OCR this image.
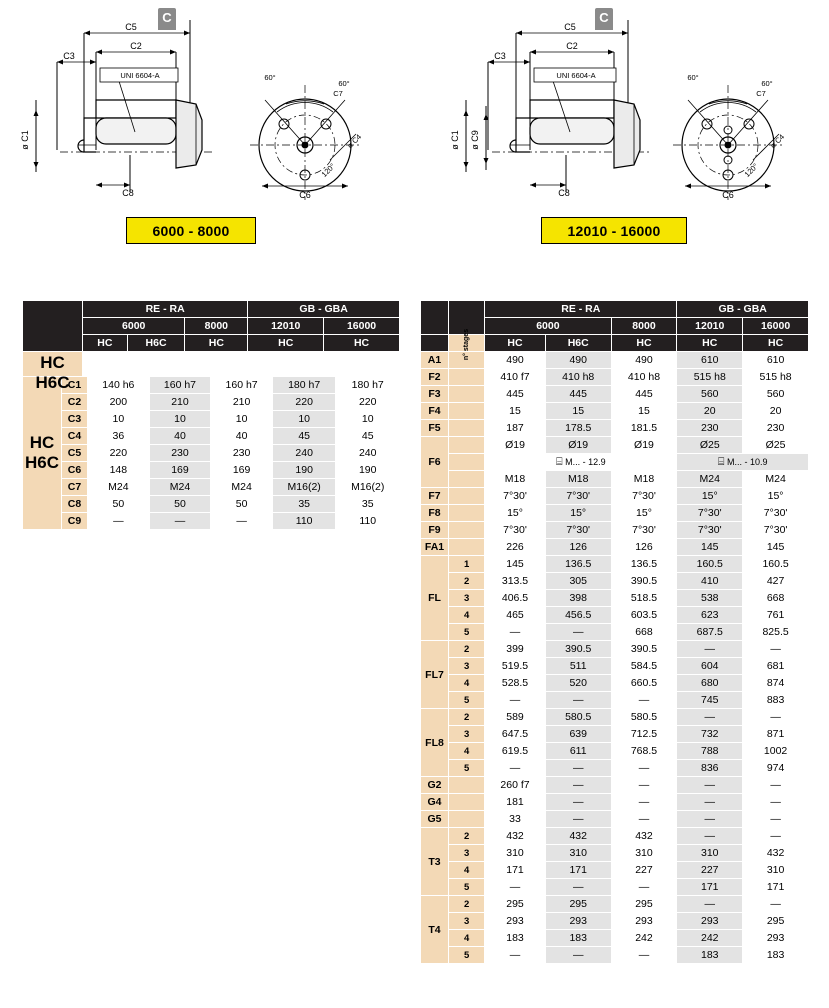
C
C5
C2
C3
ø C1
C8
UNI 6604-A	60°
60°
C7
ø C4
120°
C6
6000 - 8000
C
C5
C2
C3
ø C1 ø C9
C8
UNI 6604-A	60°
60°
C7
ø C4
120°
C6
12010 - 16000
	RE - RA			GB - GBA	
	6000		8000	12010	16000
	HC	H6C	HC	HC	HC

HC
H6C					
HC
H6C	C1	140 h6	160 h7	160 h7	180 h7	180 h7
	C2	200	210	210	220	220
	C3	10	10	10	10	10
	C4	36	40	40	45	45
	C5	220	230	230	240	240
	C6	148	169	169	190	190
	C7	M24	M24	M24	M16(2)	M16(2)
	C8	50	50	50	35	35
	C9	—	—	—	110	110
		RE - RA			GB - GBA	
		6000		8000	12010	16000
	n° stages	HC	H6C	HC	HC	HC
A1		490	490	490	610	610
F2		410 f7	410 h8	410 h8	515 h8	515 h8
F3		445	445	445	560	560
F4		15	15	15	20	20
F5		187	178.5	181.5	230	230
F6		Ø19	Ø19	Ø19	Ø25	Ø25
		⌸ M... - 12.9			⌸ M... - 10.9	
		M18	M18	M18	M24	M24
F7		7°30'	7°30'	7°30'	15°	15°
F8		15°	15°	15°	7°30'	7°30'
F9		7°30'	7°30'	7°30'	7°30'	7°30'
FA1		226	126	126	145	145
FL	1	145	136.5	136.5	160.5	160.5
	2	313.5	305	390.5	410	427
	3	406.5	398	518.5	538	668
	4	465	456.5	603.5	623	761
	5	—	—	668	687.5	825.5
FL7	2	399	390.5	390.5	—	—
	3	519.5	511	584.5	604	681
	4	528.5	520	660.5	680	874
	5	—	—	—	745	883
FL8	2	589	580.5	580.5	—	—
	3	647.5	639	712.5	732	871
	4	619.5	611	768.5	788	1002
	5	—	—	—	836	974
G2		260 f7	—	—	—	—
G4		181	—	—	—	—
G5		33	—	—	—	—
T3	2	432	432	432	—	—
	3	310	310	310	310	432
	4	171	171	227	227	310
	5	—	—	—	171	171
T4	2	295	295	295	—	—
	3	293	293	293	293	295
	4	183	183	242	242	293
	5	—	—	—	183	183
